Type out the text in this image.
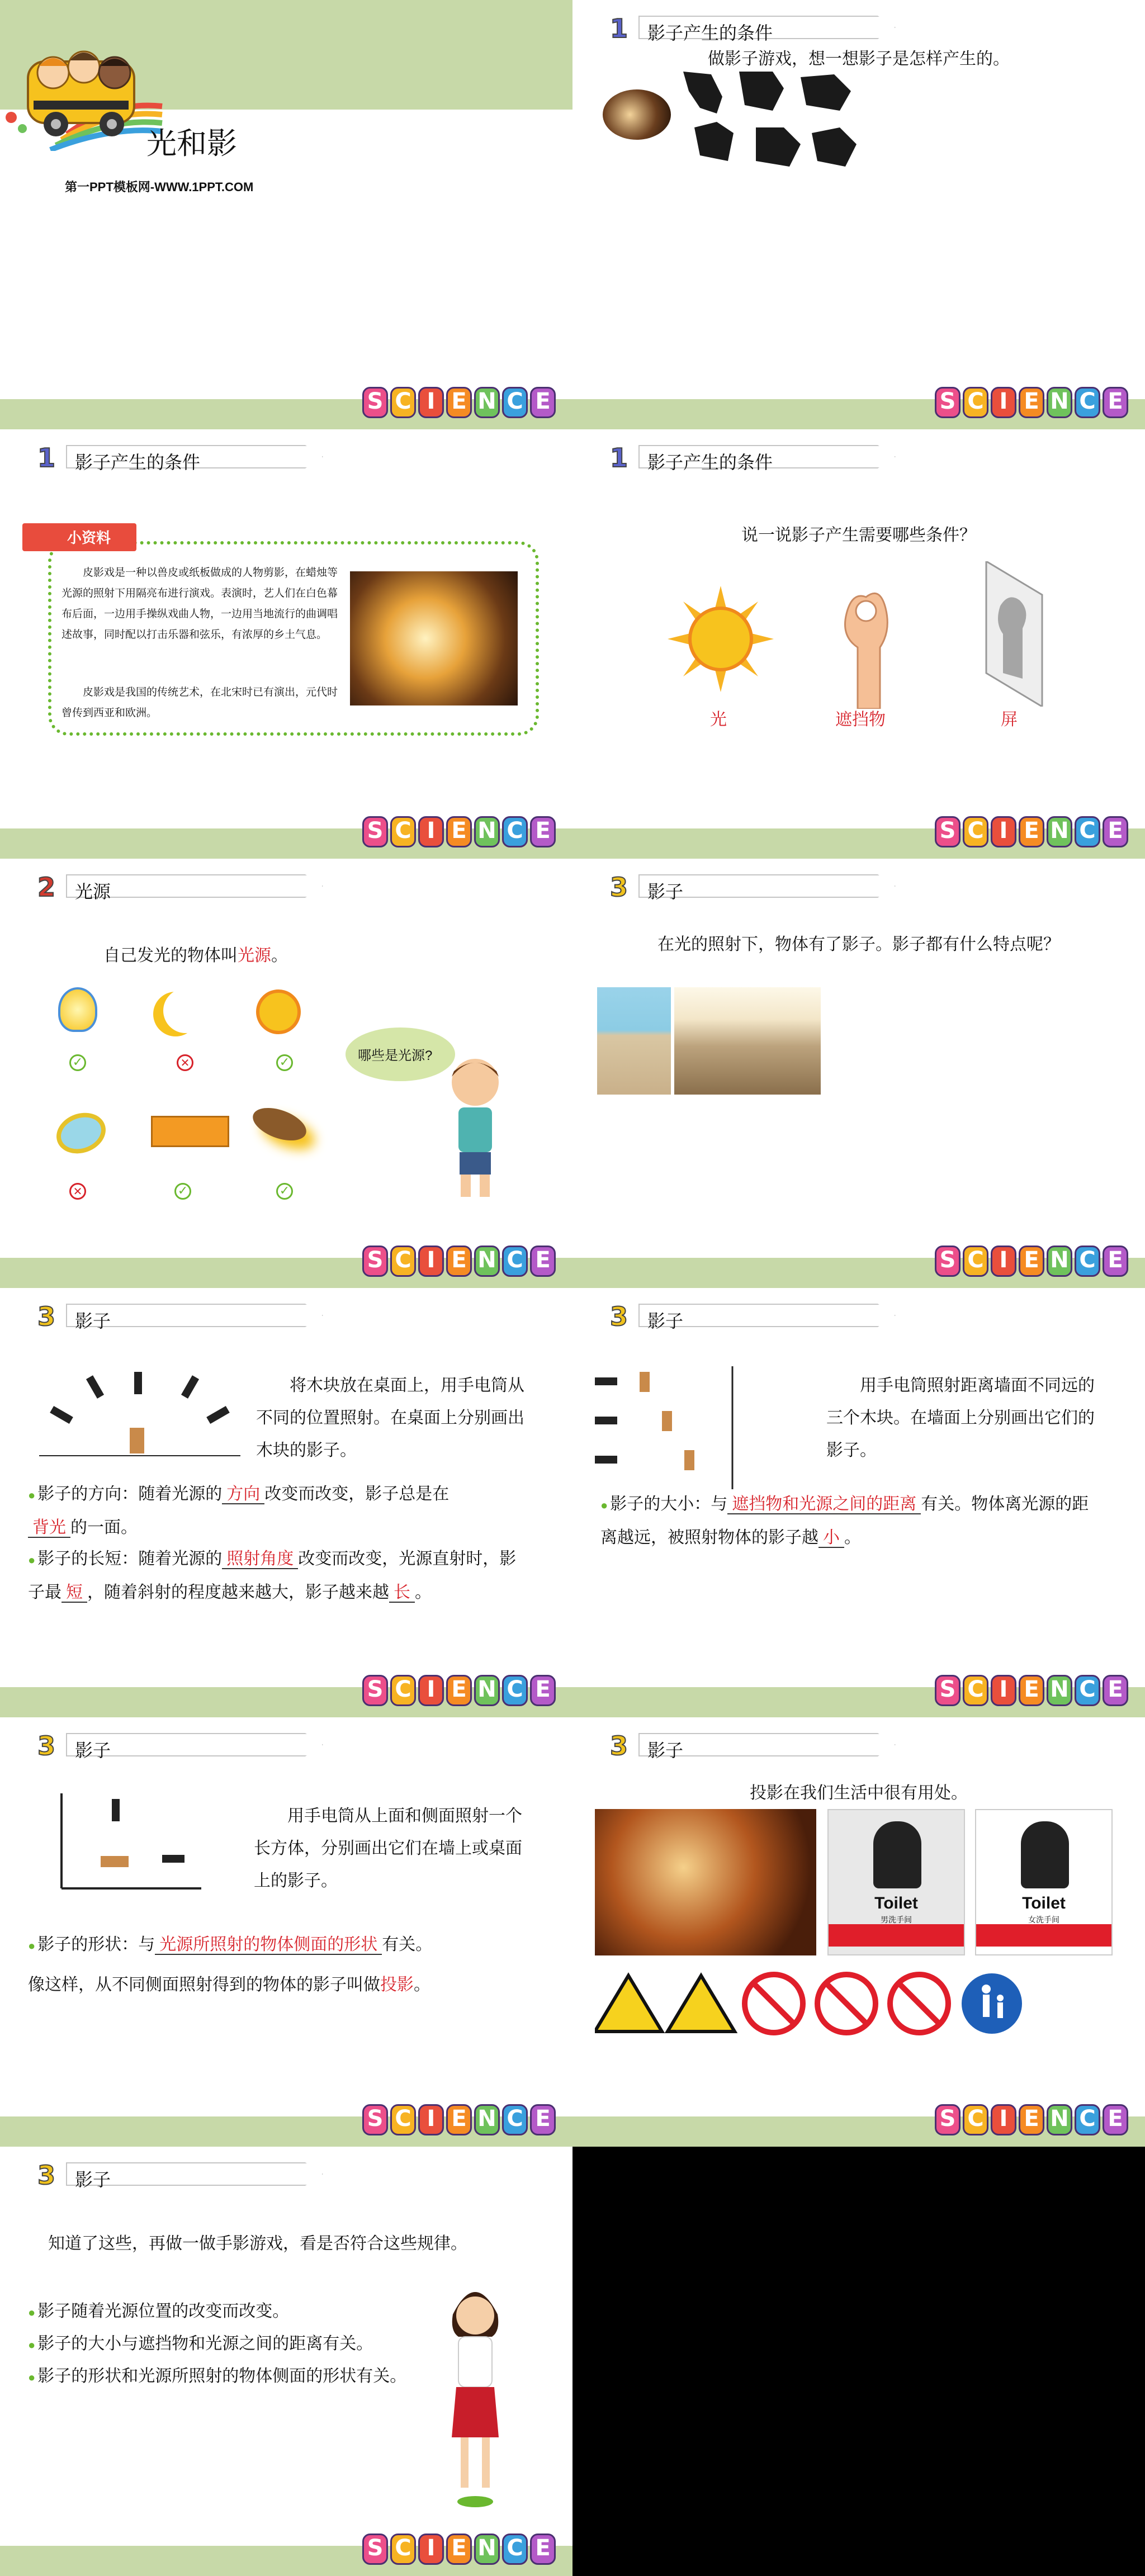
光和影
第一PPT模板网-WWW.1PPT.COM
S C I E N C E
1 影子产生的条件
做影子游戏，想一想影子是怎样产生的。
S C I E N C E
1 影子产生的条件
小资料
皮影戏是一种以兽皮或纸板做成的人物剪影，在蜡烛等光源的照射下用隔亮布进行演戏。表演时，艺人们在白色幕布后面，一边用手操纵戏曲人物，一边用当地流行的曲调唱述故事，同时配以打击乐器和弦乐，有浓厚的乡土气息。
皮影戏是我国的传统艺术，在北宋时已有演出，元代时曾传到西亚和欧洲。
S C I E N C E
1 影子产生的条件
说一说影子产生需要哪些条件？
光	遮挡物	屏
S C I E N C E
2 光源
自己发光的物体叫光源。
✓	✕	✓
✕	✓	✓
哪些是光源?
S C I E N C E
3 影子
在光的照射下，物体有了影子。影子都有什么特点呢？
S C I E N C E
3 影子
将木块放在桌面上，用手电筒从不同的位置照射。在桌面上分别画出木块的影子。
● 影子的方向：随着光源的 方向 改变而改变，影子总是在
背光 的一面。
● 影子的长短：随着光源的 照射角度 改变而改变，光源直射时，影子最 短 ，随着斜射的程度越来越大，影子越来越 长 。
S C I E N C E
3 影子
用手电筒照射距离墙面不同远的三个木块。在墙面上分别画出它们的影子。
● 影子的大小：与 遮挡物和光源之间的距离 有关。物体离光源的距离越远，被照射物体的影子越 小 。
S C I E N C E
3 影子
用手电筒从上面和侧面照射一个长方体，分别画出它们在墙上或桌面上的影子。
● 影子的形状：与 光源所照射的物体侧面的形状 有关。
像这样，从不同侧面照射得到的物体的影子叫做投影。
S C I E N C E
3 影子
投影在我们生活中很有用处。
Toilet
男洗手间
Toilet
女洗手间
S C I E N C E
3 影子
知道了这些，再做一做手影游戏，看是否符合这些规律。
● 影子随着光源位置的改变而改变。
● 影子的大小与遮挡物和光源之间的距离有关。
● 影子的形状和光源所照射的物体侧面的形状有关。
S C I E N C E
